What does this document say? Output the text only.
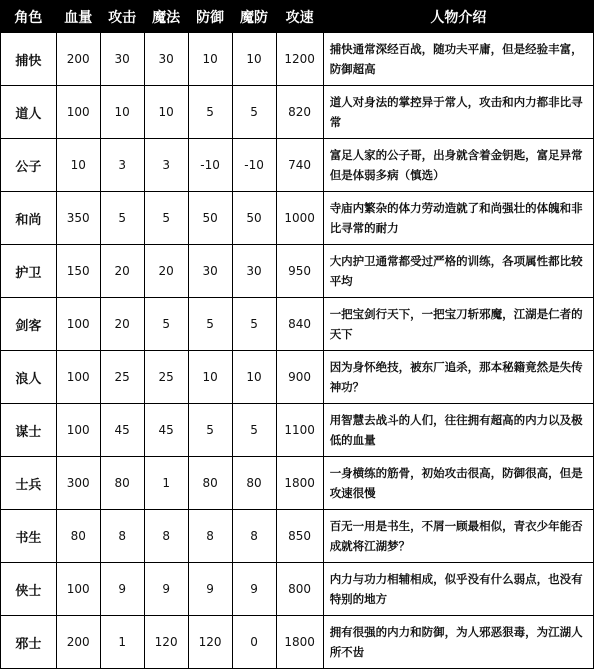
角色	血量	攻击	魔法	防御	魔防	攻速	人物介绍
捕快	200	30	30	10	10	1200	捕快通常深经百战，随功夫平庸，但是经验丰富，防御超高
道人	100	10	10	5	5	820	道人对身法的掌控异于常人，攻击和内力都非比寻常
公子	10	3	3	-10	-10	740	富足人家的公子哥，出身就含着金钥匙，富足异常但是体弱多病（慎选）
和尚	350	5	5	50	50	1000	寺庙内繁杂的体力劳动造就了和尚强壮的体魄和非比寻常的耐力
护卫	150	20	20	30	30	950	大内护卫通常都受过严格的训练，各项属性都比较平均
剑客	100	20	5	5	5	840	一把宝剑行天下，一把宝刀斩邪魔，江湖是仁者的天下
浪人	100	25	25	10	10	900	因为身怀绝技，被东厂追杀，那本秘籍竟然是失传神功？
谋士	100	45	45	5	5	1100	用智慧去战斗的人们，往往拥有超高的内力以及极低的血量
士兵	300	80	1	80	80	1800	一身横练的筋骨，初始攻击很高，防御很高，但是攻速很慢
书生	80	8	8	8	8	850	百无一用是书生，不屑一顾最相似，青衣少年能否成就将江湖梦？
侠士	100	9	9	9	9	800	内力与功力相辅相成，似乎没有什么弱点，也没有特别的地方
邪士	200	1	120	120	0	1800	拥有很强的内力和防御，为人邪恶狠毒，为江湖人所不齿
